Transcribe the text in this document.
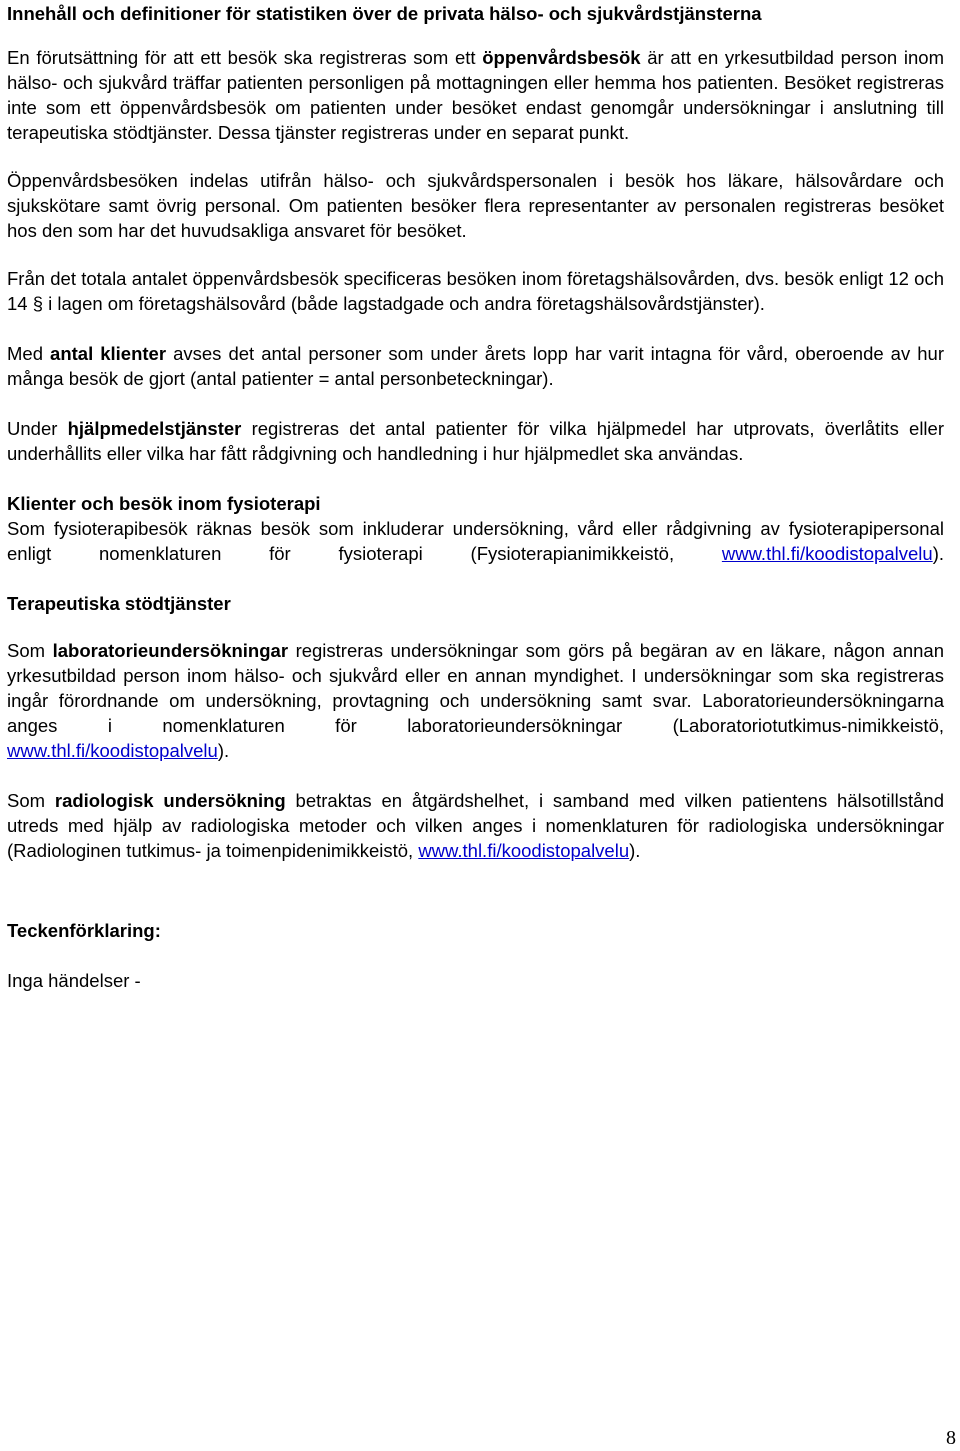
Innehåll och definitioner för statistiken över de privata hälso- och sjukvårdstjänsterna

En förutsättning för att ett besök ska registreras som ett öppenvårdsbesök är att en yrkesutbildad person inom hälso- och sjukvård träffar patienten personligen på mottagningen eller hemma hos patienten. Besöket registreras inte som ett öppenvårdsbesök om patienten under besöket endast genomgår undersökningar i anslutning till terapeutiska stödtjänster. Dessa tjänster registreras under en separat punkt.

Öppenvårdsbesöken indelas utifrån hälso- och sjukvårdspersonalen i besök hos läkare, hälsovårdare och sjukskötare samt övrig personal. Om patienten besöker flera representanter av personalen registreras besöket hos den som har det huvudsakliga ansvaret för besöket.

Från det totala antalet öppenvårdsbesök specificeras besöken inom företagshälsovården, dvs. besök enligt 12 och 14 § i lagen om företagshälsovård (både lagstadgade och andra företagshälsovårdstjänster).

Med antal klienter avses det antal personer som under årets lopp har varit intagna för vård, oberoende av hur många besök de gjort (antal patienter = antal personbeteckningar).

Under hjälpmedelstjänster registreras det antal patienter för vilka hjälpmedel har utprovats, överlåtits eller underhållits eller vilka har fått rådgivning och handledning i hur hjälpmedlet ska användas.

Klienter och besök inom fysioterapi

Som fysioterapibesök räknas besök som inkluderar undersökning, vård eller rådgivning av fysioterapipersonal enligt nomenklaturen för fysioterapi (Fysioterapianimikkeistö, www.thl.fi/koodistopalvelu).

Terapeutiska stödtjänster

Som laboratorieundersökningar registreras undersökningar som görs på begäran av en läkare, någon annan yrkesutbildad person inom hälso- och sjukvård eller en annan myndighet. I undersökningar som ska registreras ingår förordnande om undersökning, provtagning och undersökning samt svar. Laboratorieundersökningarna anges i nomenklaturen för laboratorieundersökningar (Laboratoriotutkimus-nimikkeistö, www.thl.fi/koodistopalvelu).

Som radiologisk undersökning betraktas en åtgärdshelhet, i samband med vilken patientens hälsotillstånd utreds med hjälp av radiologiska metoder och vilken anges i nomenklaturen för radiologiska undersökningar (Radiologinen tutkimus- ja toimenpidenimikkeistö, www.thl.fi/koodistopalvelu).

Teckenförklaring:

Inga händelser -

8
